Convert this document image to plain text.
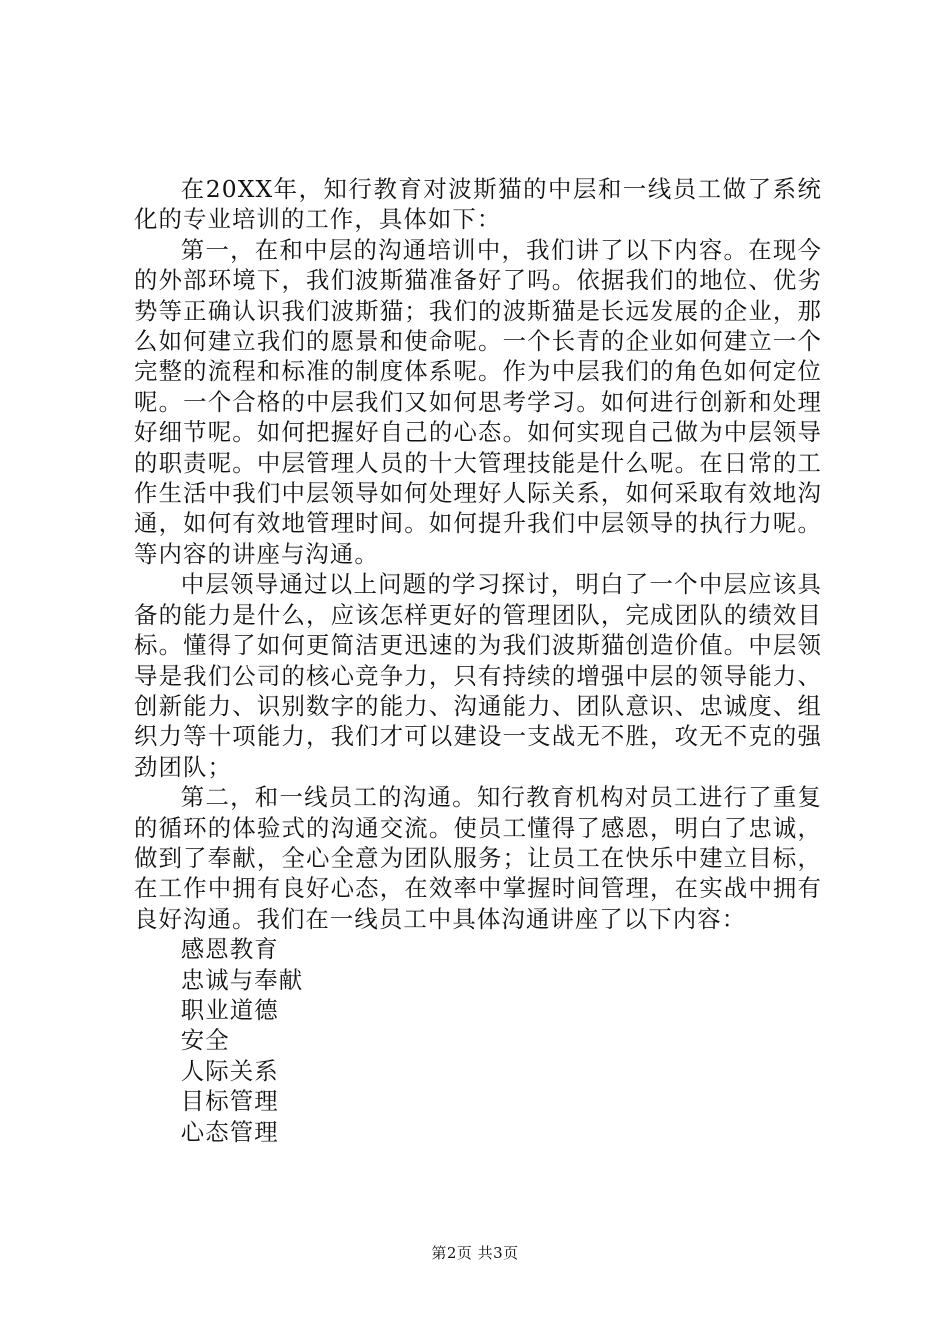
在20XX年，知行教育对波斯猫的中层和一线员工做了系统化的专业培训的工作，具体如下：

第一，在和中层的沟通培训中，我们讲了以下内容。在现今的外部环境下，我们波斯猫准备好了吗。依据我们的地位、优劣势等正确认识我们波斯猫；我们的波斯猫是长远发展的企业，那么如何建立我们的愿景和使命呢。一个长青的企业如何建立一个完整的流程和标准的制度体系呢。作为中层我们的角色如何定位呢。一个合格的中层我们又如何思考学习。如何进行创新和处理好细节呢。如何把握好自己的心态。如何实现自己做为中层领导的职责呢。中层管理人员的十大管理技能是什么呢。在日常的工作生活中我们中层领导如何处理好人际关系，如何采取有效地沟通，如何有效地管理时间。如何提升我们中层领导的执行力呢。等内容的讲座与沟通。

中层领导通过以上问题的学习探讨，明白了一个中层应该具备的能力是什么，应该怎样更好的管理团队，完成团队的绩效目标。懂得了如何更简洁更迅速的为我们波斯猫创造价值。中层领导是我们公司的核心竞争力，只有持续的增强中层的领导能力、创新能力、识别数字的能力、沟通能力、团队意识、忠诚度、组织力等十项能力，我们才可以建设一支战无不胜，攻无不克的强劲团队；

第二，和一线员工的沟通。知行教育机构对员工进行了重复的循环的体验式的沟通交流。使员工懂得了感恩，明白了忠诚，做到了奉献，全心全意为团队服务；让员工在快乐中建立目标，在工作中拥有良好心态，在效率中掌握时间管理，在实战中拥有良好沟通。我们在一线员工中具体沟通讲座了以下内容：

感恩教育
忠诚与奉献
职业道德
安全
人际关系
目标管理
心态管理
第2页 共3页
